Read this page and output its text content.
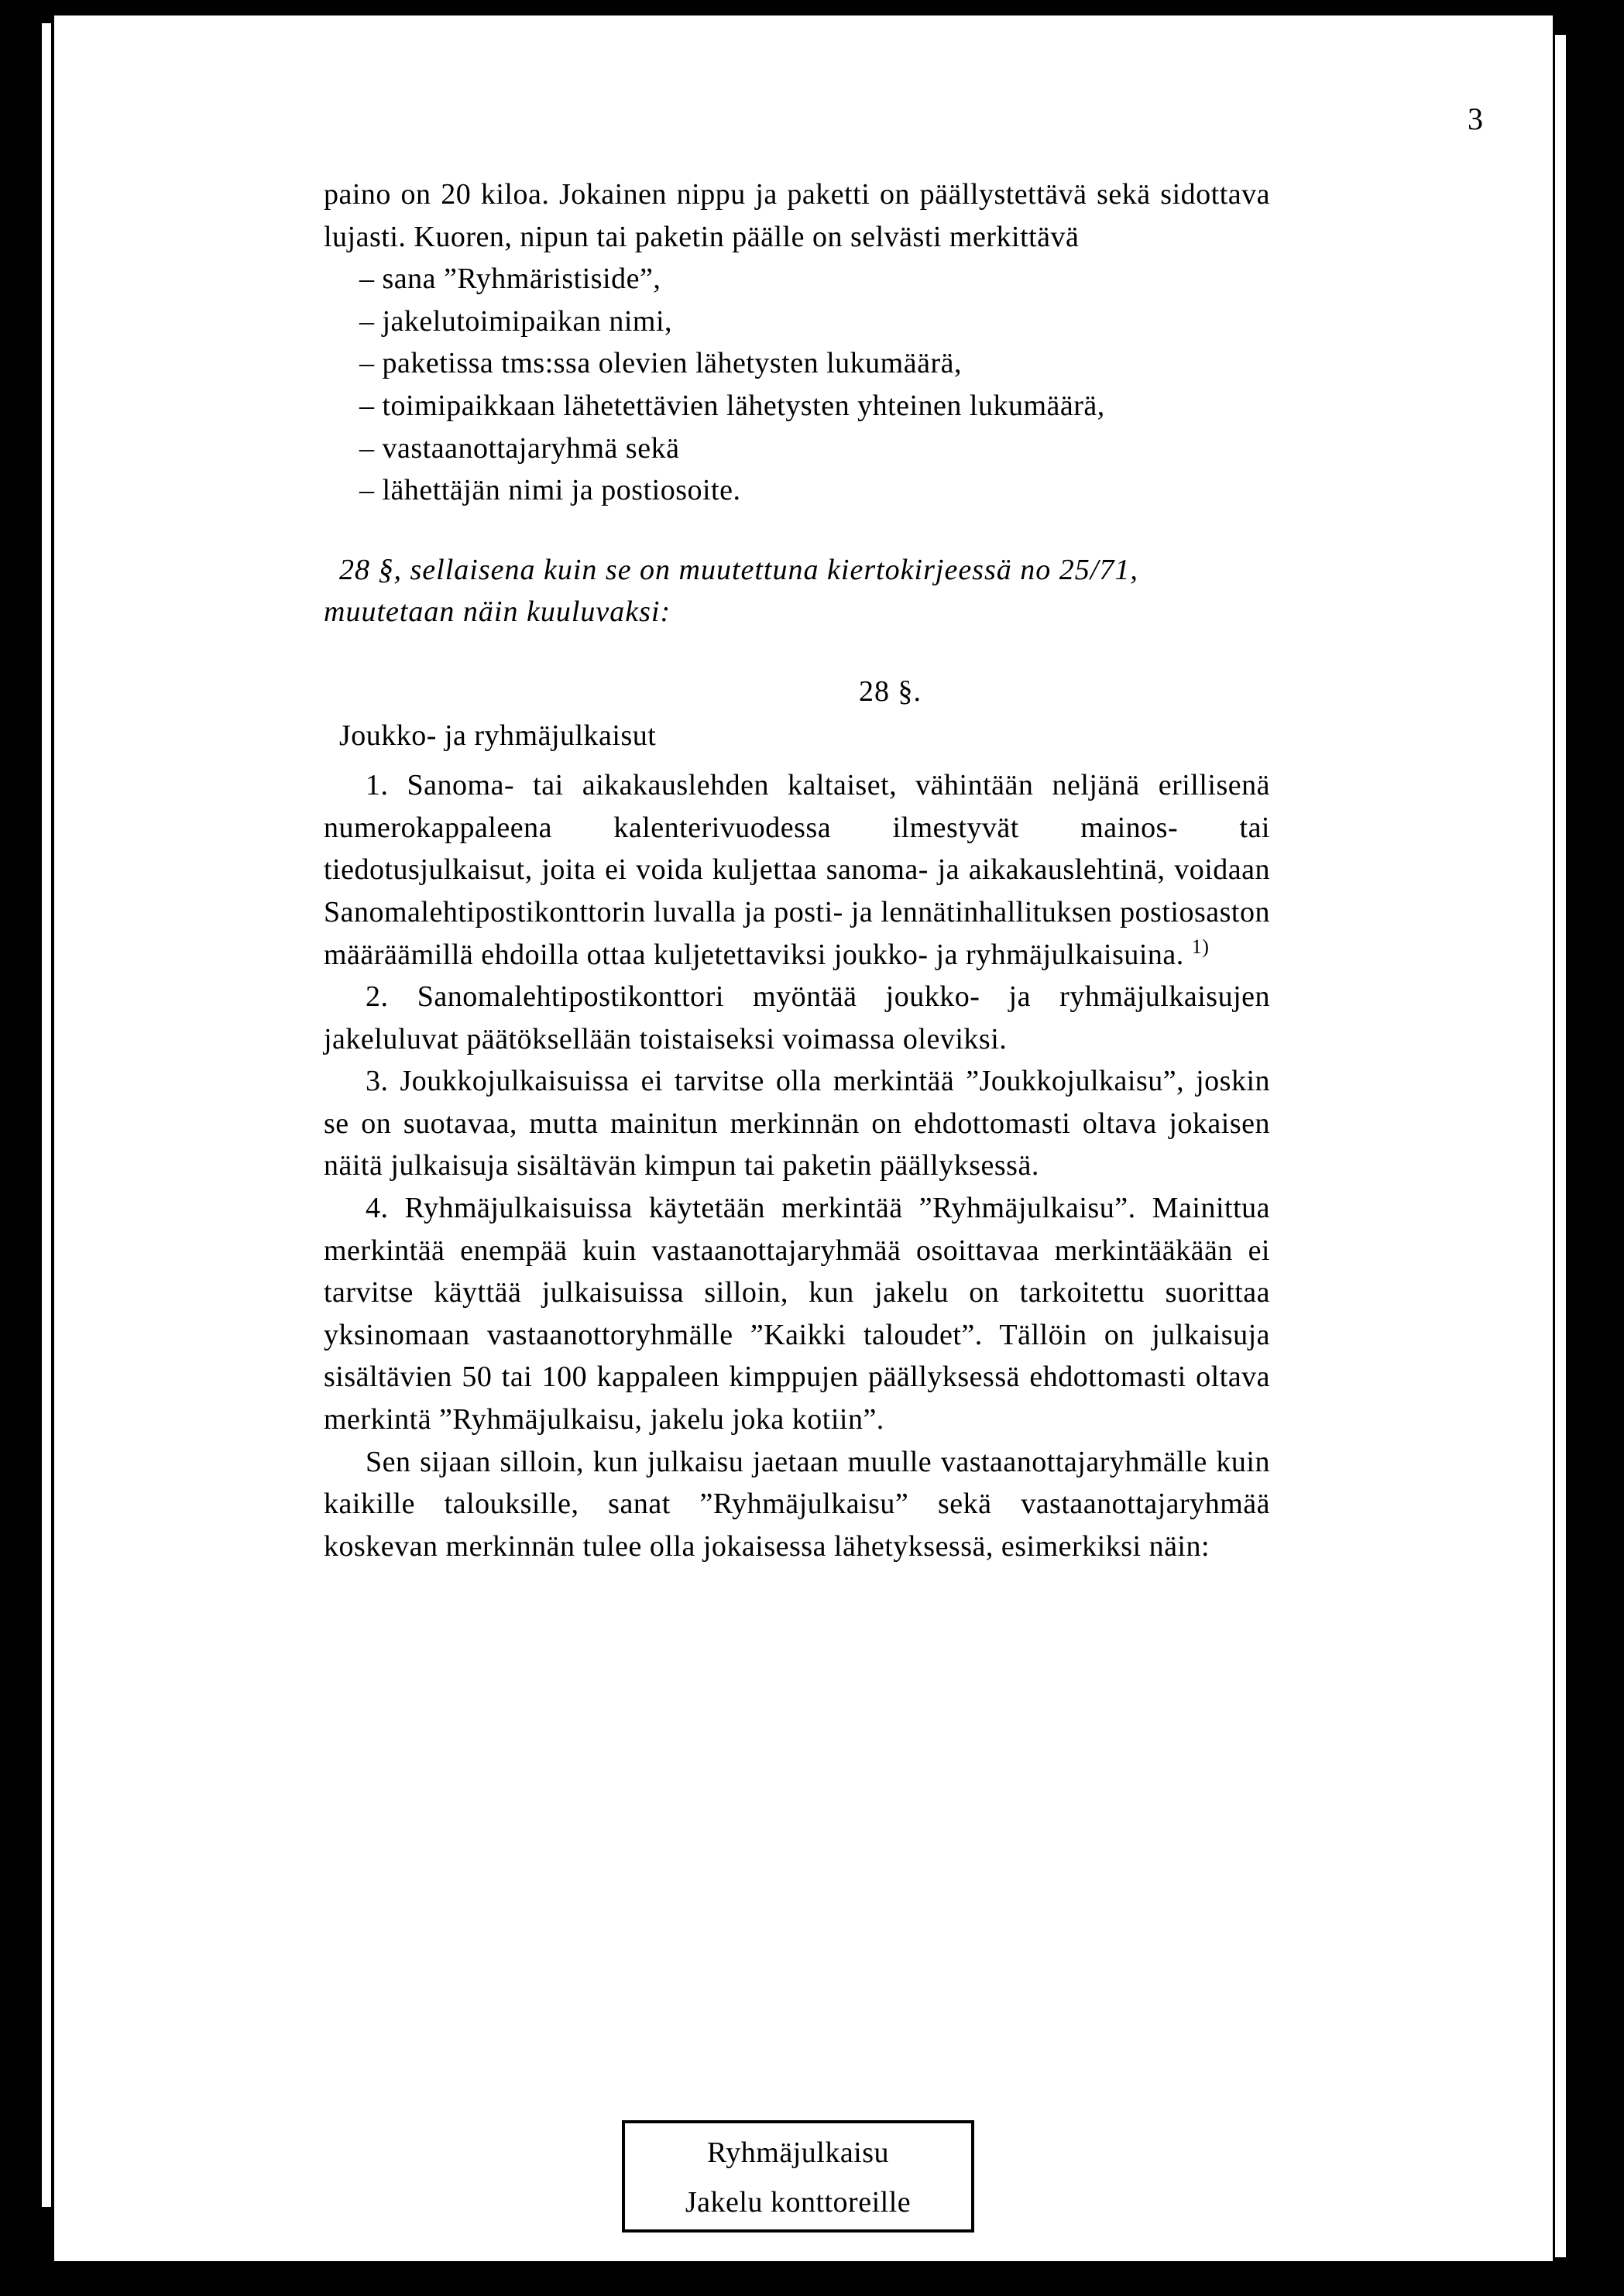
3

paino on 20 kiloa. Jokainen nippu ja paketti on päällystettävä sekä sidottava lujasti. Kuoren, nipun tai paketin päälle on selvästi merkittävä

– sana ”Ryhmäristiside”,

– jakelutoimipaikan nimi,

– paketissa tms:ssa olevien lähetysten lukumäärä,

– toimipaikkaan lähetettävien lähetysten yhteinen lukumäärä,

– vastaanottajaryhmä sekä

– lähettäjän nimi ja postiosoite.

28 §, sellaisena kuin se on muutettuna kiertokirjeessä no 25/71, muutetaan näin kuuluvaksi:

28 §.

Joukko- ja ryhmäjulkaisut

1. Sanoma- tai aikakauslehden kaltaiset, vähintään neljänä erillisenä numerokappaleena kalenterivuodessa ilmestyvät mainos- tai tiedotusjulkaisut, joita ei voida kuljettaa sanoma- ja aikakauslehtinä, voidaan Sanomalehtipostikonttorin luvalla ja posti- ja lennätinhallituksen postiosaston määräämillä ehdoilla ottaa kuljetettaviksi joukko- ja ryhmäjulkaisuina. $^{1)}$

2. Sanomalehtipostikonttori myöntää joukko- ja ryhmäjulkaisujen jakeluluvat päätöksellään toistaiseksi voimassa oleviksi.

3. Joukkojulkaisuissa ei tarvitse olla merkintää ”Joukkojulkaisu”, joskin se on suotavaa, mutta mainitun merkinnän on ehdottomasti oltava jokaisen näitä julkaisuja sisältävän kimpun tai paketin päällyksessä.

4. Ryhmäjulkaisuissa käytetään merkintää ”Ryhmäjulkaisu”. Mainittua merkintää enempää kuin vastaanottajaryhmää osoittavaa merkintääkään ei tarvitse käyttää julkaisuissa silloin, kun jakelu on tarkoitettu suorittaa yksinomaan vastaanottoryhmälle ”Kaikki taloudet”. Tällöin on julkaisuja sisältävien 50 tai 100 kappaleen kimppujen päällyksessä ehdottomasti oltava merkintä ”Ryhmäjulkaisu, jakelu joka kotiin”.

Sen sijaan silloin, kun julkaisu jaetaan muulle vastaanottajaryhmälle kuin kaikille talouksille, sanat ”Ryhmäjulkaisu” sekä vastaanottajaryhmää koskevan merkinnän tulee olla jokaisessa lähetyksessä, esimerkiksi näin:

Ryhmäjulkaisu
Jakelu konttoreille
